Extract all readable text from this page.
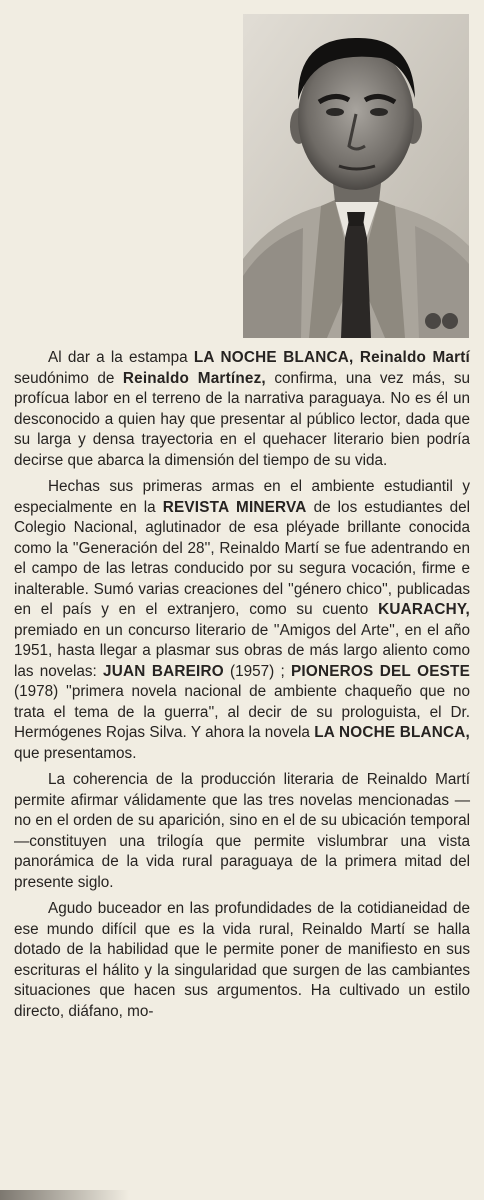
Al dar a la estampa LA NOCHE BLANCA, Reinaldo Martí seudónimo de Reinaldo Martínez, confirma, una vez más, su profícua labor en el terreno de la narrativa paraguaya. No es él un desconocido a quien hay que presentar al público lector, dada que su larga y densa trayectoria en el quehacer literario bien podría decirse que abarca la dimensión del tiempo de su vida.

Hechas sus primeras armas en el ambiente estudiantil y especialmente en la REVISTA MINERVA de los estudiantes del Colegio Nacional, aglutinador de esa pléyade brillante conocida como la ''Generación del 28'', Reinaldo Martí se fue adentrando en el campo de las letras conducido por su segura vocación, firme e inalterable. Sumó varias creaciones del ''género chico'', publicadas en el país y en el extranjero, como su cuento KUARACHY, premiado en un concurso literario de ''Amigos del Arte'', en el año 1951, hasta llegar a plasmar sus obras de más largo aliento como las novelas: JUAN BAREIRO (1957) ; PIONEROS DEL OESTE (1978) ''primera novela nacional de ambiente chaqueño que no trata el tema de la guerra'', al decir de su prologuista, el Dr. Hermógenes Rojas Silva. Y ahora la novela LA NOCHE BLANCA, que presentamos.

La coherencia de la producción literaria de Reinaldo Martí permite afirmar válidamente que las tres novelas mencionadas — no en el orden de su aparición, sino en el de su ubicación temporal —constituyen una trilogía que permite vislumbrar una vista panorámica de la vida rural paraguaya de la primera mitad del presente siglo.

Agudo buceador en las profundidades de la cotidianeidad de ese mundo difícil que es la vida rural, Reinaldo Martí se halla dotado de la habilidad que le permite poner de manifiesto en sus escrituras el hálito y la singularidad que surgen de las cambiantes situaciones que hacen sus argumentos. Ha cultivado un estilo directo, diáfano, mo-
